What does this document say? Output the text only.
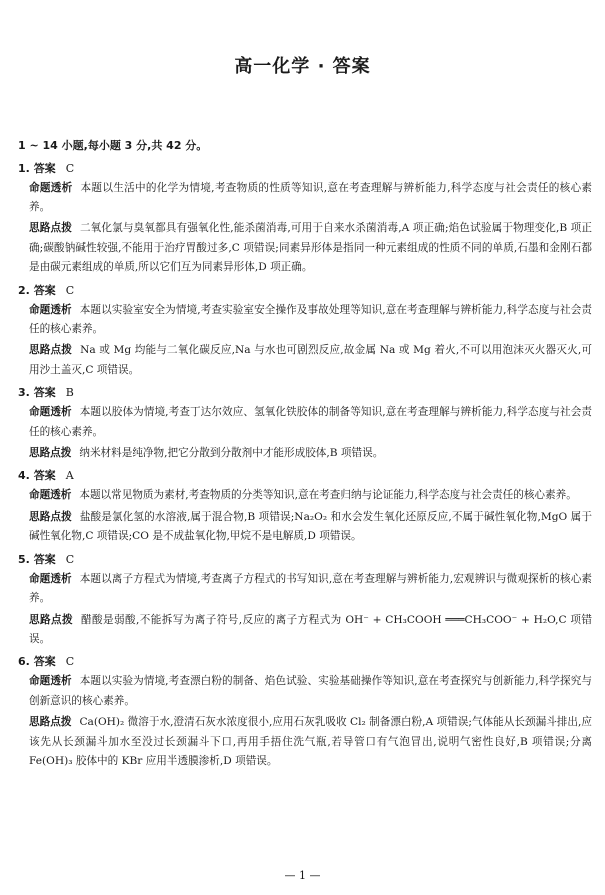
高一化学 · 答案
1 ~ 14 小题,每小题 3 分,共 42 分。
1. 答案 C
命题透析 本题以生活中的化学为情境,考查物质的性质等知识,意在考查理解与辨析能力,科学态度与社会责任的核心素养。
思路点拨 二氧化氯与臭氧都具有强氧化性,能杀菌消毒,可用于自来水杀菌消毒,A 项正确;焰色试验属于物理变化,B 项正确;碳酸钠碱性较强,不能用于治疗胃酸过多,C 项错误;同素异形体是指同一种元素组成的性质不同的单质,石墨和金刚石都是由碳元素组成的单质,所以它们互为同素异形体,D 项正确。
2. 答案 C
命题透析 本题以实验室安全为情境,考查实验室安全操作及事故处理等知识,意在考查理解与辨析能力,科学态度与社会责任的核心素养。
思路点拨 Na 或 Mg 均能与二氧化碳反应,Na 与水也可剧烈反应,故金属 Na 或 Mg 着火,不可以用泡沫灭火器灭火,可用沙土盖灭,C 项错误。
3. 答案 B
命题透析 本题以胶体为情境,考查丁达尔效应、氢氧化铁胶体的制备等知识,意在考查理解与辨析能力,科学态度与社会责任的核心素养。
思路点拨 纳米材料是纯净物,把它分散到分散剂中才能形成胶体,B 项错误。
4. 答案 A
命题透析 本题以常见物质为素材,考查物质的分类等知识,意在考查归纳与论证能力,科学态度与社会责任的核心素养。
思路点拨 盐酸是氯化氢的水溶液,属于混合物,B 项错误;Na₂O₂ 和水会发生氧化还原反应,不属于碱性氧化物,MgO 属于碱性氧化物,C 项错误;CO 是不成盐氧化物,甲烷不是电解质,D 项错误。
5. 答案 C
命题透析 本题以离子方程式为情境,考查离子方程式的书写知识,意在考查理解与辨析能力,宏观辨识与微观探析的核心素养。
思路点拨 醋酸是弱酸,不能拆写为离子符号,反应的离子方程式为 OH⁻ + CH₃COOH ═══CH₃COO⁻ + H₂O,C 项错误。
6. 答案 C
命题透析 本题以实验为情境,考查漂白粉的制备、焰色试验、实验基础操作等知识,意在考查探究与创新能力,科学探究与创新意识的核心素养。
思路点拨 Ca(OH)₂ 微溶于水,澄清石灰水浓度很小,应用石灰乳吸收 Cl₂ 制备漂白粉,A 项错误;气体能从长颈漏斗排出,应该先从长颈漏斗加水至没过长颈漏斗下口,再用手捂住洗气瓶,若导管口有气泡冒出,说明气密性良好,B 项错误;分离 Fe(OH)₃ 胶体中的 KBr 应用半透膜渗析,D 项错误。
— 1 —
